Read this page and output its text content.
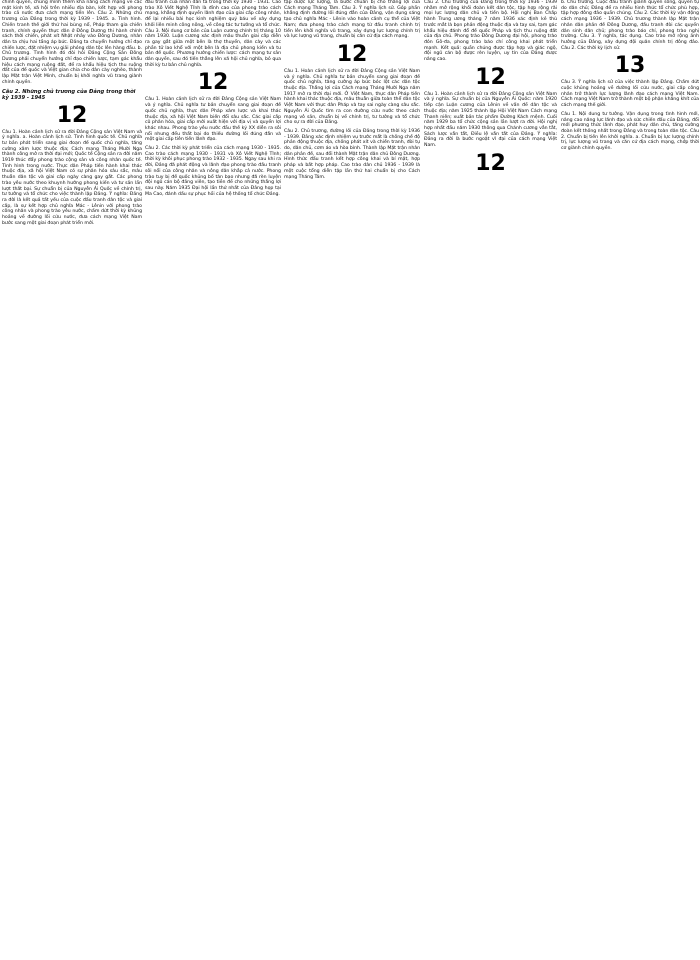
chính quyền, chúng mình thêm khả năng cách mạng về các mặt kinh tế, xã hội trên nhiều địa bàn, kết hợp với phong trào cả nước đưa cách mạng tiến lên. Câu 2. Những chủ trương của Đảng trong thời kỳ 1939 - 1945. a. Tình hình. Chiến tranh thế giới thứ hai bùng nổ, Pháp tham gia chiến tranh, chính quyền thực dân ở Đông Dương thi hành chính sách thời chiến, phát xít Nhật nhảy vào Đông Dương, nhân dân ta chịu hai tầng áp bức. Đảng ta chuyển hướng chỉ đạo chiến lược, đặt nhiệm vụ giải phóng dân tộc lên hàng đầu. b. Chủ trương. Tình hình đó đòi hỏi Đảng Cộng Sản Đông Dương phải chuyển hướng chỉ đạo chiến lược, tạm gác khẩu hiệu cách mạng ruộng đất, đề ra khẩu hiệu tịch thu ruộng đất của đế quốc và Việt gian chia cho dân cày nghèo, thành lập Mặt trận Việt Minh, chuẩn bị khởi nghĩa vũ trang giành chính quyền.

Câu 2. Những chủ trương của Đảng trong thời kỳ 1939 - 1945
12

Câu 1. Hoàn cảnh lịch sử ra đời Đảng Cộng sản Việt Nam và ý nghĩa. a. Hoàn cảnh lịch sử. Tình hình quốc tế. Chủ nghĩa tư bản phát triển sang giai đoạn đế quốc chủ nghĩa, tăng cường xâm lược thuộc địa; Cách mạng Tháng Mười Nga thành công mở ra thời đại mới; Quốc tế Cộng sản ra đời năm 1919 thúc đẩy phong trào cộng sản và công nhân quốc tế. Tình hình trong nước. Thực dân Pháp tiến hành khai thác thuộc địa, xã hội Việt Nam có sự phân hóa sâu sắc, mâu thuẫn dân tộc và giai cấp ngày càng gay gắt. Các phong trào yêu nước theo khuynh hướng phong kiến và tư sản lần lượt thất bại. Sự chuẩn bị của Nguyễn Ái Quốc về chính trị, tư tưởng và tổ chức cho việc thành lập Đảng. Ý nghĩa: Đảng ra đời là kết quả tất yếu của cuộc đấu tranh dân tộc và giai cấp, là sự kết hợp chủ nghĩa Mác - Lênin với phong trào công nhân và phong trào yêu nước, chấm dứt thời kỳ khủng hoảng về đường lối cứu nước, đưa cách mạng Việt Nam bước sang một giai đoạn phát triển mới.

đấu tranh của nhân dân ta trong thời kỳ 1930 - 1931. Cao trào Xô Viết Nghệ Tĩnh là đỉnh cao của phong trào cách mạng, khẳng định quyền lãnh đạo của giai cấp công nhân, để lại nhiều bài học kinh nghiệm quý báu về xây dựng khối liên minh công nông, về công tác tư tưởng và tổ chức. Câu 3. Nội dung cơ bản của Luận cương chính trị tháng 10 năm 1930. Luận cương xác định mâu thuẫn giai cấp diễn ra gay gắt giữa một bên là thợ thuyền, dân cày và các phần tử lao khổ với một bên là địa chủ phong kiến và tư bản đế quốc. Phương hướng chiến lược: cách mạng tư sản dân quyền, sau đó tiến thẳng lên xã hội chủ nghĩa, bỏ qua thời kỳ tư bản chủ nghĩa.

12

Câu 1. Hoàn cảnh lịch sử ra đời Đảng Cộng sản Việt Nam và ý nghĩa. Chủ nghĩa tư bản chuyển sang giai đoạn đế quốc chủ nghĩa, thực dân Pháp xâm lược và khai thác thuộc địa, xã hội Việt Nam biến đổi sâu sắc. Các giai cấp cũ phân hóa, giai cấp mới xuất hiện với địa vị và quyền lợi khác nhau. Phong trào yêu nước đầu thế kỷ XX diễn ra sôi nổi nhưng đều thất bại do thiếu đường lối đúng đắn và một giai cấp tiên tiến lãnh đạo.

Câu 2. Các thời kỳ phát triển của cách mạng 1930 - 1935. Cao trào cách mạng 1930 - 1931 và Xô Viết Nghệ Tĩnh; thời kỳ khôi phục phong trào 1932 - 1935. Ngay sau khi ra đời, Đảng đã phát động và lãnh đạo phong trào đấu tranh sôi nổi của công nhân và nông dân khắp cả nước. Phong trào tuy bị đế quốc khủng bố tàn bạo nhưng đã rèn luyện đội ngũ cán bộ đảng viên, tạo tiền đề cho những thắng lợi sau này. Năm 1935 Đại hội lần thứ nhất của Đảng họp tại Ma Cao, đánh dấu sự phục hồi của hệ thống tổ chức Đảng.

tập dược lực lượng, là bước chuẩn bị cho thắng lợi của Cách mạng Tháng Tám. Câu 3. Ý nghĩa lịch sử. Góp phần khẳng định đường lối đúng đắn của Đảng, vận dụng sáng tạo chủ nghĩa Mác - Lênin vào hoàn cảnh cụ thể của Việt Nam; đưa phong trào cách mạng từ đấu tranh chính trị tiến lên khởi nghĩa vũ trang, xây dựng lực lượng chính trị và lực lượng vũ trang, chuẩn bị căn cứ địa cách mạng.

12

Câu 1. Hoàn cảnh lịch sử ra đời Đảng Cộng sản Việt Nam và ý nghĩa. Chủ nghĩa tư bản chuyển sang giai đoạn đế quốc chủ nghĩa, tăng cường áp bức bóc lột các dân tộc thuộc địa. Thắng lợi của Cách mạng Tháng Mười Nga năm 1917 mở ra thời đại mới. Ở Việt Nam, thực dân Pháp tiến hành khai thác thuộc địa, mâu thuẫn giữa toàn thể dân tộc Việt Nam với thực dân Pháp và tay sai ngày càng sâu sắc. Nguyễn Ái Quốc tìm ra con đường cứu nước theo cách mạng vô sản, chuẩn bị về chính trị, tư tưởng và tổ chức cho sự ra đời của Đảng.

Câu 2. Chủ trương, đường lối của Đảng trong thời kỳ 1936 - 1939. Đảng xác định nhiệm vụ trước mắt là chống chế độ phản động thuộc địa, chống phát xít và chiến tranh, đòi tự do, dân chủ, cơm áo và hòa bình. Thành lập Mặt trận nhân dân phản đế, sau đổi thành Mặt trận dân chủ Đông Dương. Hình thức đấu tranh kết hợp công khai và bí mật, hợp pháp và bất hợp pháp. Cao trào dân chủ 1936 - 1939 là một cuộc tổng diễn tập lần thứ hai chuẩn bị cho Cách mạng Tháng Tám.

Câu 2. Chủ trương của Đảng trong thời kỳ 1936 - 1939 nhằm mở rộng khối đoàn kết dân tộc, tập hợp rộng rãi mọi lực lượng dân chủ và tiến bộ. Hội nghị Ban Chấp hành Trung ương tháng 7 năm 1936 xác định kẻ thù trước mắt là bọn phản động thuộc địa và tay sai, tạm gác khẩu hiệu đánh đổ đế quốc Pháp và tịch thu ruộng đất của địa chủ. Phong trào Đông Dương đại hội, phong trào đón Gô-đa, phong trào báo chí công khai phát triển mạnh. Kết quả: quần chúng được tập hợp và giác ngộ, đội ngũ cán bộ được rèn luyện, uy tín của Đảng được nâng cao.

12

Câu 1. Hoàn cảnh lịch sử ra đời Đảng Cộng sản Việt Nam và ý nghĩa. Sự chuẩn bị của Nguyễn Ái Quốc: năm 1920 tiếp cận Luận cương của Lênin về vấn đề dân tộc và thuộc địa; năm 1925 thành lập Hội Việt Nam Cách mạng Thanh niên; xuất bản tác phẩm Đường Kách mệnh. Cuối năm 1929 ba tổ chức cộng sản lần lượt ra đời. Hội nghị hợp nhất đầu năm 1930 thông qua Chánh cương vắn tắt, Sách lược vắn tắt, Điều lệ vắn tắt của Đảng. Ý nghĩa: Đảng ra đời là bước ngoặt vĩ đại của cách mạng Việt Nam.

12

b. Chủ trương. Cuộc đấu tranh giành quyền sống, quyền tự do dân chủ; Đảng đề ra nhiều hình thức tổ chức phù hợp, tập hợp đông đảo quần chúng. Câu 2. Các thời kỳ vận động cách mạng 1936 - 1939. Chủ trương thành lập Mặt trận nhân dân phản đế Đông Dương, đấu tranh đòi các quyền dân sinh dân chủ; phong trào báo chí, phong trào nghị trường. Câu 3. Ý nghĩa, tác dụng. Cao trào mở rộng ảnh hưởng của Đảng, xây dựng đội quân chính trị đông đảo. Câu 2. Các thời kỳ lịch sử.

13

Câu 3. Ý nghĩa lịch sử của việc thành lập Đảng. Chấm dứt cuộc khủng hoảng về đường lối cứu nước, giai cấp công nhân trở thành lực lượng lãnh đạo cách mạng Việt Nam. Cách mạng Việt Nam trở thành một bộ phận khăng khít của cách mạng thế giới.

Câu 1. Nội dung tư tưởng. Vận dụng trong tình hình mới, nâng cao năng lực lãnh đạo và sức chiến đấu của Đảng, đổi mới phương thức lãnh đạo, phát huy dân chủ, tăng cường đoàn kết thống nhất trong Đảng và trong toàn dân tộc. Câu 2. Chuẩn bị tiến lên khởi nghĩa. a. Chuẩn bị lực lượng chính trị, lực lượng vũ trang và căn cứ địa cách mạng, chớp thời cơ giành chính quyền.
